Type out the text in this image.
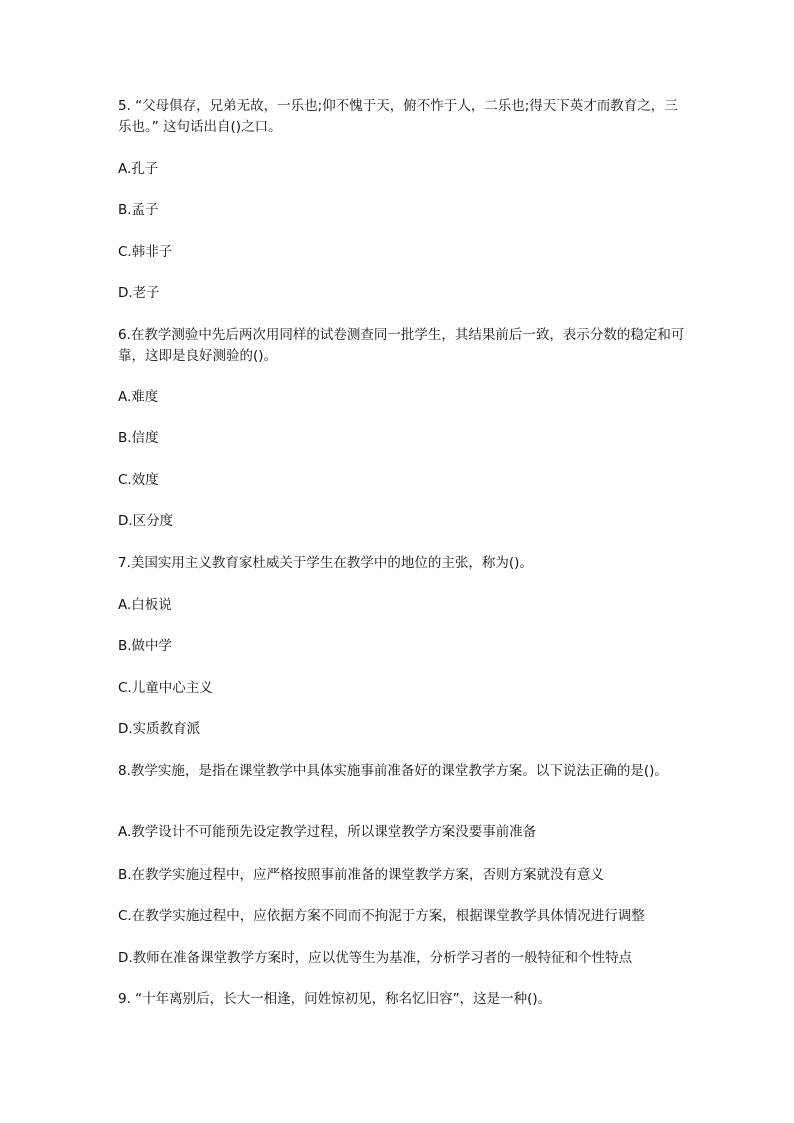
5. “父母俱存，兄弟无故，一乐也;仰不愧于天，俯不怍于人，二乐也;得天下英才而教育之，三乐也。” 这句话出自()之口。

A.孔子

B.孟子

C.韩非子

D.老子

6.在教学测验中先后两次用同样的试卷测查同一批学生，其结果前后一致，表示分数的稳定和可靠，这即是良好测验的()。

A.难度

B.信度

C.效度

D.区分度

7.美国实用主义教育家杜威关于学生在教学中的地位的主张，称为()。

A.白板说

B.做中学

C.儿童中心主义

D.实质教育派

8.教学实施，是指在课堂教学中具体实施事前准备好的课堂教学方案。以下说法正确的是()。

A.教学设计不可能预先设定教学过程，所以课堂教学方案没要事前准备

B.在教学实施过程中，应严格按照事前准备的课堂教学方案，否则方案就没有意义

C.在教学实施过程中，应依据方案不同而不拘泥于方案，根据课堂教学具体情况进行调整

D.教师在准备课堂教学方案时，应以优等生为基准，分析学习者的一般特征和个性特点

9. “十年离别后，长大一相逢，问姓惊初见，称名忆旧容”，这是一种()。
